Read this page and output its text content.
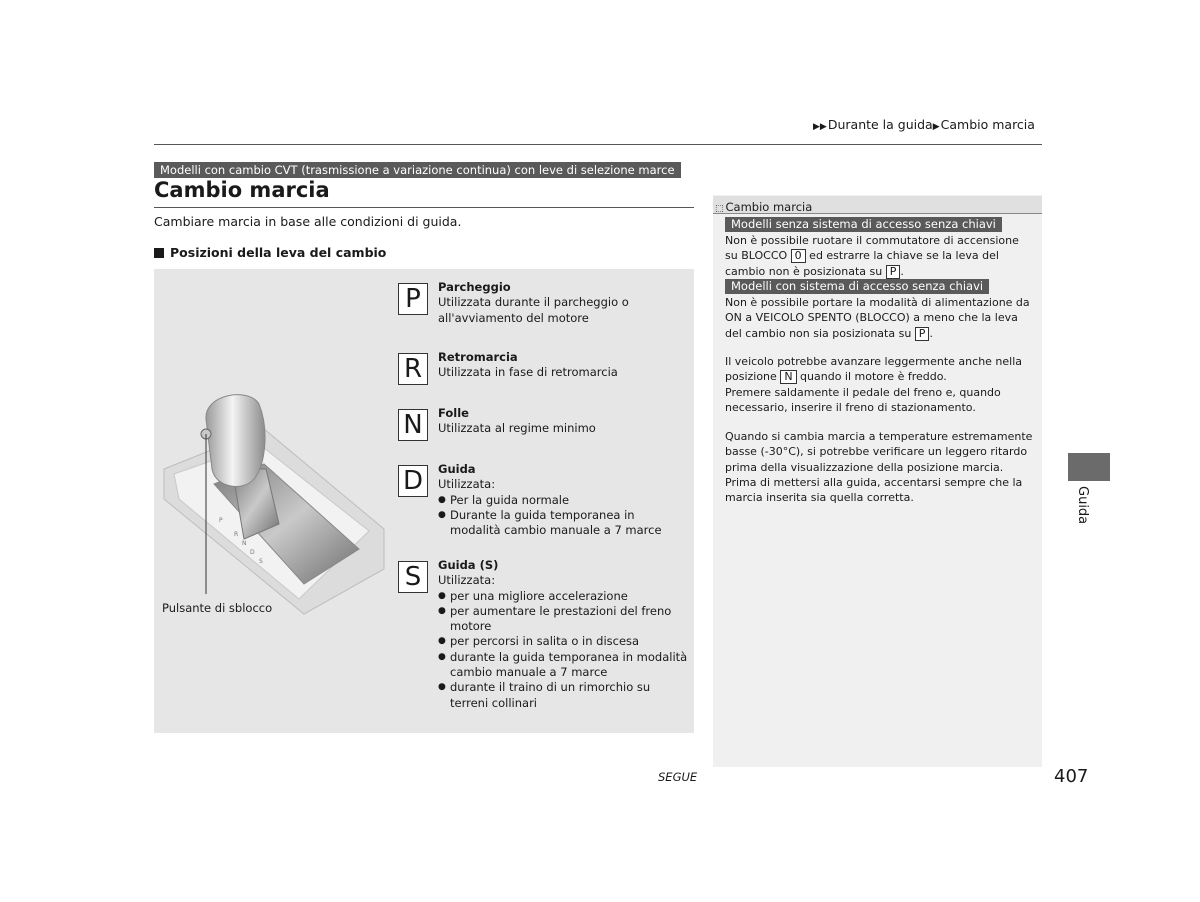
▶▶Durante la guida▶Cambio marcia
Modelli con cambio CVT (trasmissione a variazione continua) con leve di selezione marce
Cambio marcia
Cambiare marcia in base alle condizioni di guida.
Posizioni della leva del cambio
P
R
N
D
S
Pulsante di sblocco
P	Parcheggio
Utilizzata durante il parcheggio o all'avviamento del motore
R	Retromarcia
Utilizzata in fase di retromarcia
N	Folle
Utilizzata al regime minimo
D	Guida
Utilizzata:
● Per la guida normale
● Durante la guida temporanea in modalità cambio manuale a 7 marce
S	Guida (S)
Utilizzata:
● per una migliore accelerazione
● per aumentare le prestazioni del freno motore
● per percorsi in salita o in discesa
● durante la guida temporanea in modalità cambio manuale a 7 marce
● durante il traino di un rimorchio su terreni collinari
⬚ Cambio marcia
Modelli senza sistema di accesso senza chiavi
Non è possibile ruotare il commutatore di accensione su BLOCCO 0 ed estrarre la chiave se la leva del cambio non è posizionata su P .
Modelli con sistema di accesso senza chiavi
Non è possibile portare la modalità di alimentazione da ON a VEICOLO SPENTO (BLOCCO) a meno che la leva del cambio non sia posizionata su P .
Il veicolo potrebbe avanzare leggermente anche nella posizione N quando il motore è freddo.
Premere saldamente il pedale del freno e, quando necessario, inserire il freno di stazionamento.
Quando si cambia marcia a temperature estremamente basse (-30°C), si potrebbe verificare un leggero ritardo prima della visualizzazione della posizione marcia. Prima di mettersi alla guida, accentarsi sempre che la marcia inserita sia quella corretta.	Guida
SEGUE	407
